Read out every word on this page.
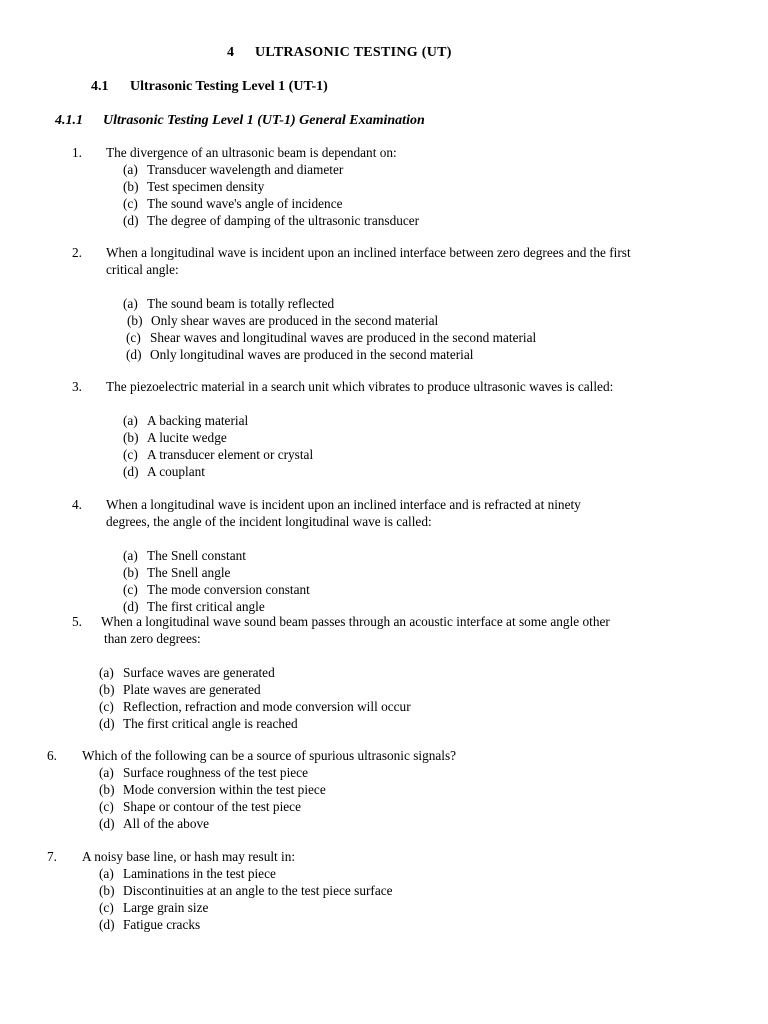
4 ULTRASONIC TESTING (UT)
4.1 Ultrasonic Testing Level 1 (UT-1)
4.1.1 Ultrasonic Testing Level 1 (UT-1) General Examination
1. The divergence of an ultrasonic beam is dependant on:
(a) Transducer wavelength and diameter
(b) Test specimen density
(c) The sound wave's angle of incidence
(d) The degree of damping of the ultrasonic transducer
2. When a longitudinal wave is incident upon an inclined interface between zero degrees and the first
critical angle:
(a) The sound beam is totally reflected
(b) Only shear waves are produced in the second material
(c) Shear waves and longitudinal waves are produced in the second material
(d) Only longitudinal waves are produced in the second material
3. The piezoelectric material in a search unit which vibrates to produce ultrasonic waves is called:
(a) A backing material
(b) A lucite wedge
(c) A transducer element or crystal
(d) A couplant
4. When a longitudinal wave is incident upon an inclined interface and is refracted at ninety
degrees, the angle of the incident longitudinal wave is called:
(a) The Snell constant
(b) The Snell angle
(c) The mode conversion constant
(d) The first critical angle
5. When a longitudinal wave sound beam passes through an acoustic interface at some angle other
than zero degrees:
(a) Surface waves are generated
(b) Plate waves are generated
(c) Reflection, refraction and mode conversion will occur
(d) The first critical angle is reached
6. Which of the following can be a source of spurious ultrasonic signals?
(a) Surface roughness of the test piece
(b) Mode conversion within the test piece
(c) Shape or contour of the test piece
(d) All of the above
7. A noisy base line, or hash may result in:
(a) Laminations in the test piece
(b) Discontinuities at an angle to the test piece surface
(c) Large grain size
(d) Fatigue cracks
